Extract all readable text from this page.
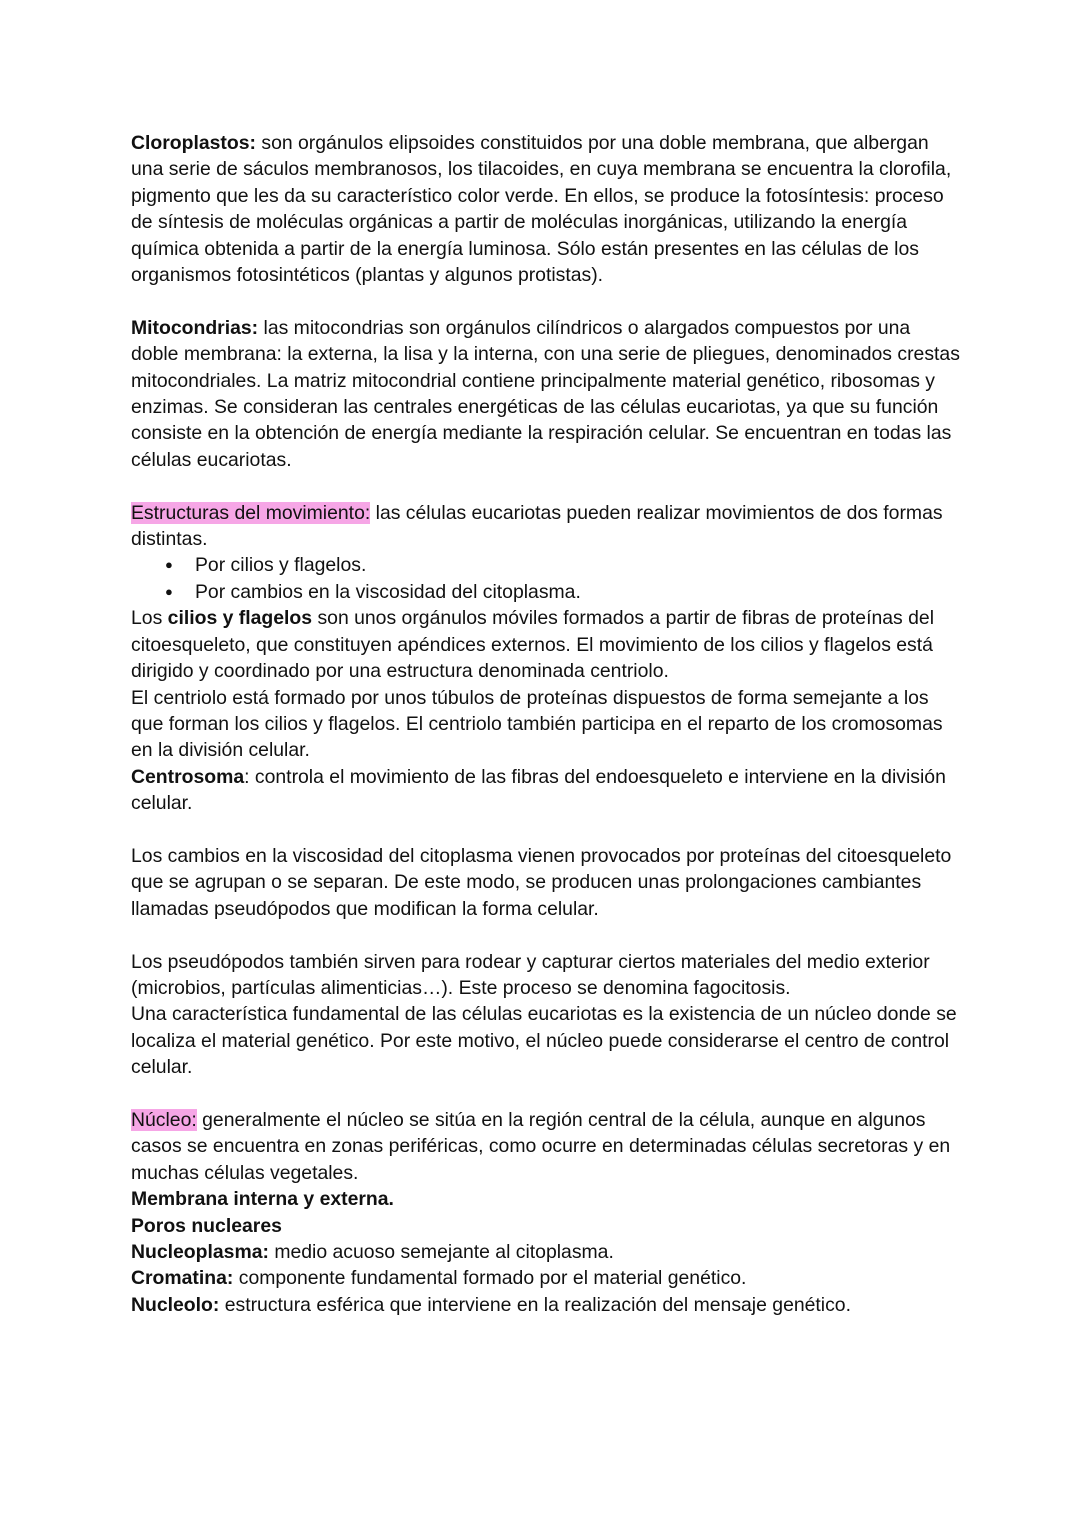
Cloroplastos: son orgánulos elipsoides constituidos por una doble membrana, que albergan una serie de sáculos membranosos, los tilacoides, en cuya membrana se encuentra la clorofila, pigmento que les da su característico color verde. En ellos, se produce la fotosíntesis: proceso de síntesis de moléculas orgánicas a partir de moléculas inorgánicas, utilizando la energía química obtenida a partir de la energía luminosa. Sólo están presentes en las células de los organismos fotosintéticos (plantas y algunos protistas).

Mitocondrias: las mitocondrias son orgánulos cilíndricos o alargados compuestos por una doble membrana: la externa, la lisa y la interna, con una serie de pliegues, denominados crestas mitocondriales. La matriz mitocondrial contiene principalmente material genético, ribosomas y enzimas. Se consideran las centrales energéticas de las células eucariotas, ya que su función consiste en la obtención de energía mediante la respiración celular. Se encuentran en todas las células eucariotas.

Estructuras del movimiento: las células eucariotas pueden realizar movimientos de dos formas distintas.

● Por cilios y flagelos.
● Por cambios en la viscosidad del citoplasma.

Los cilios y flagelos son unos orgánulos móviles formados a partir de fibras de proteínas del citoesqueleto, que constituyen apéndices externos. El movimiento de los cilios y flagelos está dirigido y coordinado por una estructura denominada centriolo.

El centriolo está formado por unos túbulos de proteínas dispuestos de forma semejante a los que forman los cilios y flagelos. El centriolo también participa en el reparto de los cromosomas en la división celular.

Centrosoma: controla el movimiento de las fibras del endoesqueleto e interviene en la división celular.

Los cambios en la viscosidad del citoplasma vienen provocados por proteínas del citoesqueleto que se agrupan o se separan. De este modo, se producen unas prolongaciones cambiantes llamadas pseudópodos que modifican la forma celular.

Los pseudópodos también sirven para rodear y capturar ciertos materiales del medio exterior (microbios, partículas alimenticias…). Este proceso se denomina fagocitosis.

Una característica fundamental de las células eucariotas es la existencia de un núcleo donde se localiza el material genético. Por este motivo, el núcleo puede considerarse el centro de control celular.

Núcleo: generalmente el núcleo se sitúa en la región central de la célula, aunque en algunos casos se encuentra en zonas periféricas, como ocurre en determinadas células secretoras y en muchas células vegetales.

Membrana interna y externa.

Poros nucleares

Nucleoplasma: medio acuoso semejante al citoplasma.

Cromatina: componente fundamental formado por el material genético.

Nucleolo: estructura esférica que interviene en la realización del mensaje genético.
